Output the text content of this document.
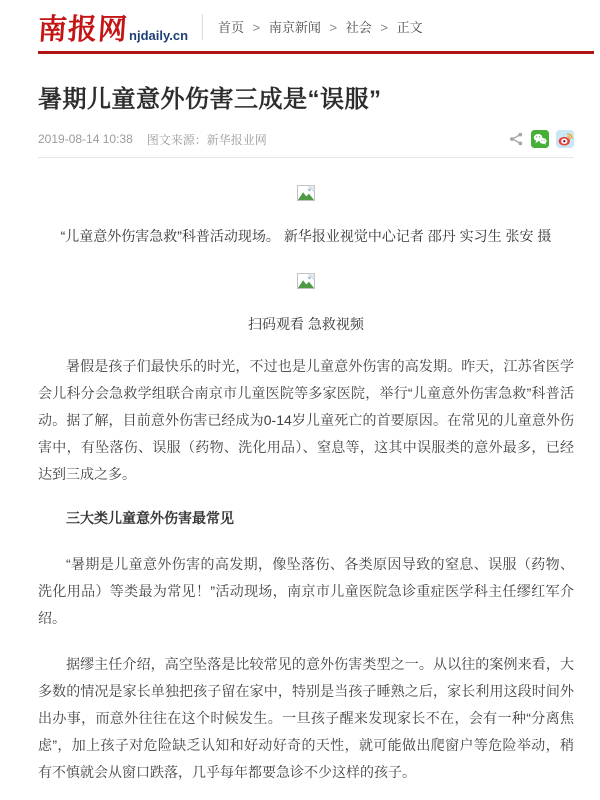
南报网 njdaily.cn 首页 > 南京新闻 > 社会 > 正文
暑期儿童意外伤害三成是“误服”
2019-08-14 10:38 图文来源：新华报业网

“儿童意外伤害急救”科普活动现场。 新华报业视觉中心记者 邵丹 实习生 张安 摄

扫码观看 急救视频

暑假是孩子们最快乐的时光，不过也是儿童意外伤害的高发期。昨天，江苏省医学会儿科分会急救学组联合南京市儿童医院等多家医院，举行“儿童意外伤害急救”科普活动。据了解，目前意外伤害已经成为0-14岁儿童死亡的首要原因。在常见的儿童意外伤害中，有坠落伤、误服（药物、洗化用品）、窒息等，这其中误服类的意外最多，已经达到三成之多。

三大类儿童意外伤害最常见

“暑期是儿童意外伤害的高发期，像坠落伤、各类原因导致的窒息、误服（药物、洗化用品）等类最为常见！”活动现场，南京市儿童医院急诊重症医学科主任缪红军介绍。

据缪主任介绍，高空坠落是比较常见的意外伤害类型之一。从以往的案例来看，大多数的情况是家长单独把孩子留在家中，特别是当孩子睡熟之后，家长利用这段时间外出办事，而意外往往在这个时候发生。一旦孩子醒来发现家长不在，会有一种“分离焦虑”，加上孩子对危险缺乏认知和好动好奇的天性，就可能做出爬窗户等危险举动，稍有不慎就会从窗口跌落，几乎每年都要急诊不少这样的孩子。
